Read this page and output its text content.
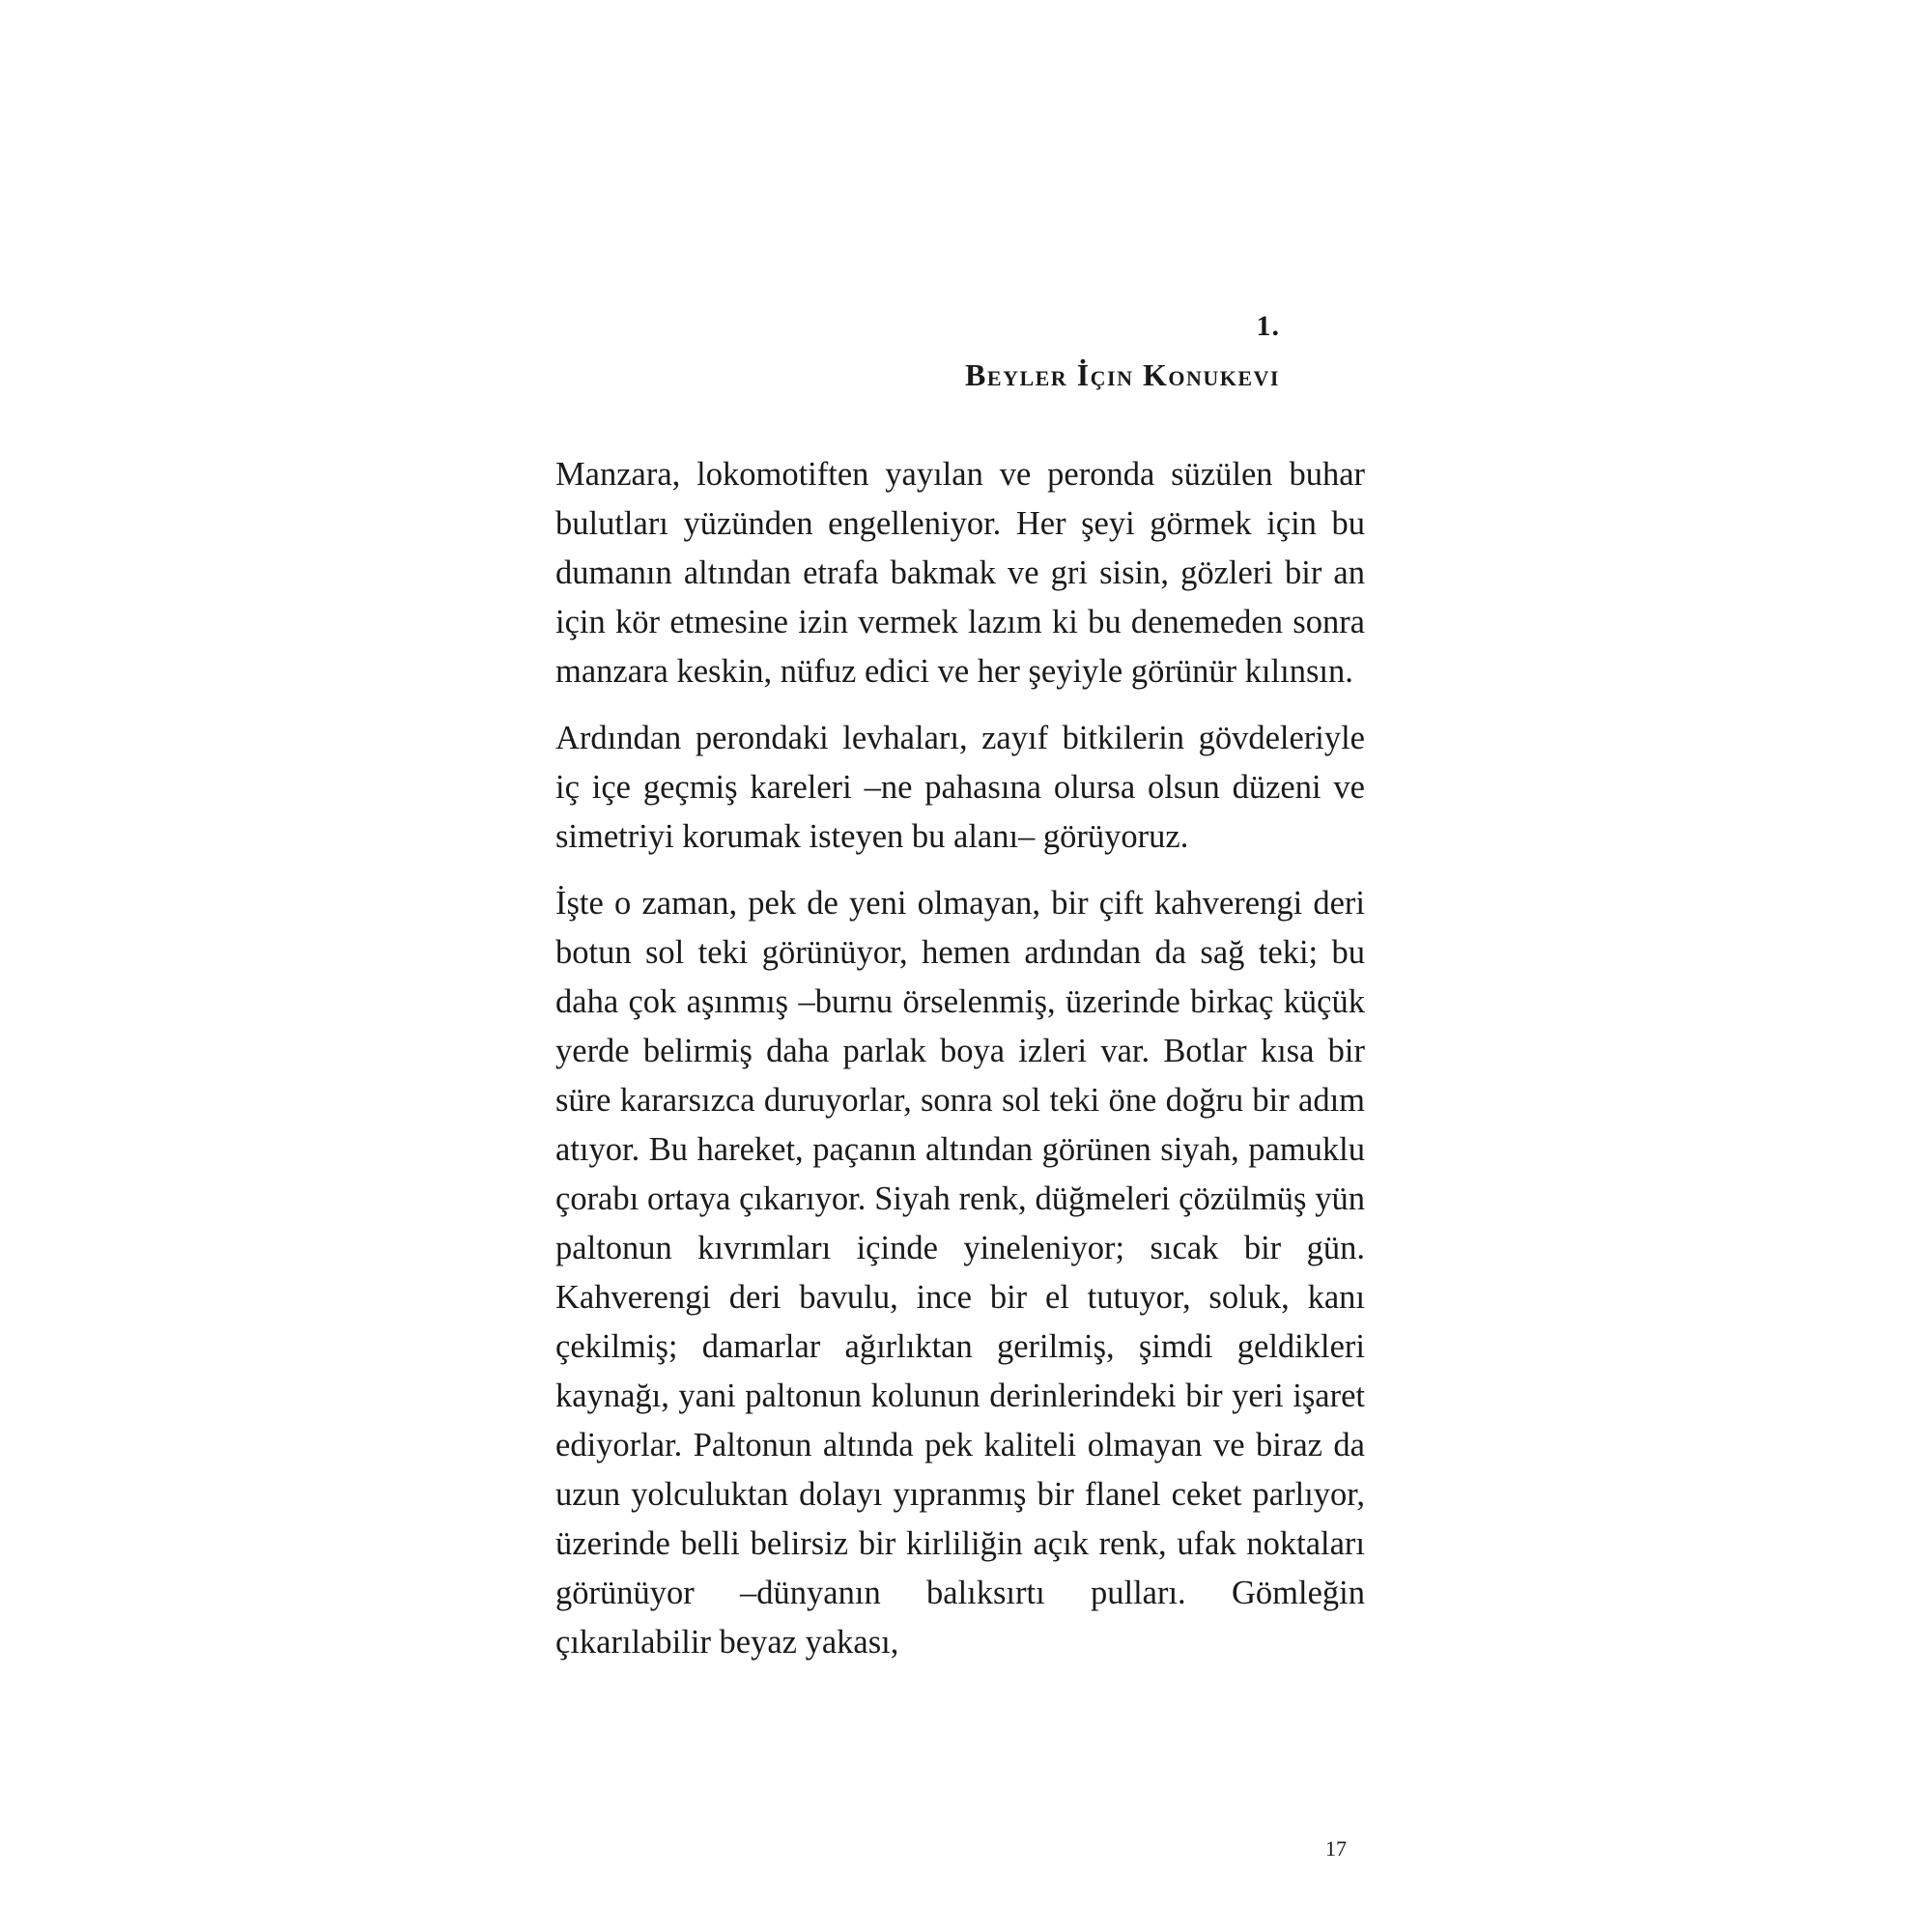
1.
Beyler İçin Konukevi

Manzara, lokomotiften yayılan ve peronda süzülen buhar bulutları yüzünden engelleniyor. Her şeyi görmek için bu dumanın altından etrafa bakmak ve gri sisin, gözleri bir an için kör etmesine izin vermek lazım ki bu denemeden sonra manzara keskin, nüfuz edici ve her şeyiyle görünür kılınsın.

Ardından perondaki levhaları, zayıf bitkilerin gövdeleriyle iç içe geçmiş kareleri –ne pahasına olursa olsun düzeni ve simetriyi korumak isteyen bu alanı– görüyoruz.

İşte o zaman, pek de yeni olmayan, bir çift kahverengi deri botun sol teki görünüyor, hemen ardından da sağ teki; bu daha çok aşınmış –burnu örselenmiş, üzerinde birkaç küçük yerde belirmiş daha parlak boya izleri var. Botlar kısa bir süre kararsızca duruyorlar, sonra sol teki öne doğru bir adım atıyor. Bu hareket, paçanın altından görünen siyah, pamuklu çorabı ortaya çıkarıyor. Siyah renk, düğmeleri çözülmüş yün paltonun kıvrımları içinde yineleniyor; sıcak bir gün. Kahverengi deri bavulu, ince bir el tutuyor, soluk, kanı çekilmiş; damarlar ağırlıktan gerilmiş, şimdi geldikleri kaynağı, yani paltonun kolunun derinlerindeki bir yeri işaret ediyorlar. Paltonun altında pek kaliteli olmayan ve biraz da uzun yolculuktan dolayı yıpranmış bir flanel ceket parlıyor, üzerinde belli belirsiz bir kirliliğin açık renk, ufak noktaları görünüyor –dünyanın balıksırtı pulları. Gömleğin çıkarılabilir beyaz yakası,

17
